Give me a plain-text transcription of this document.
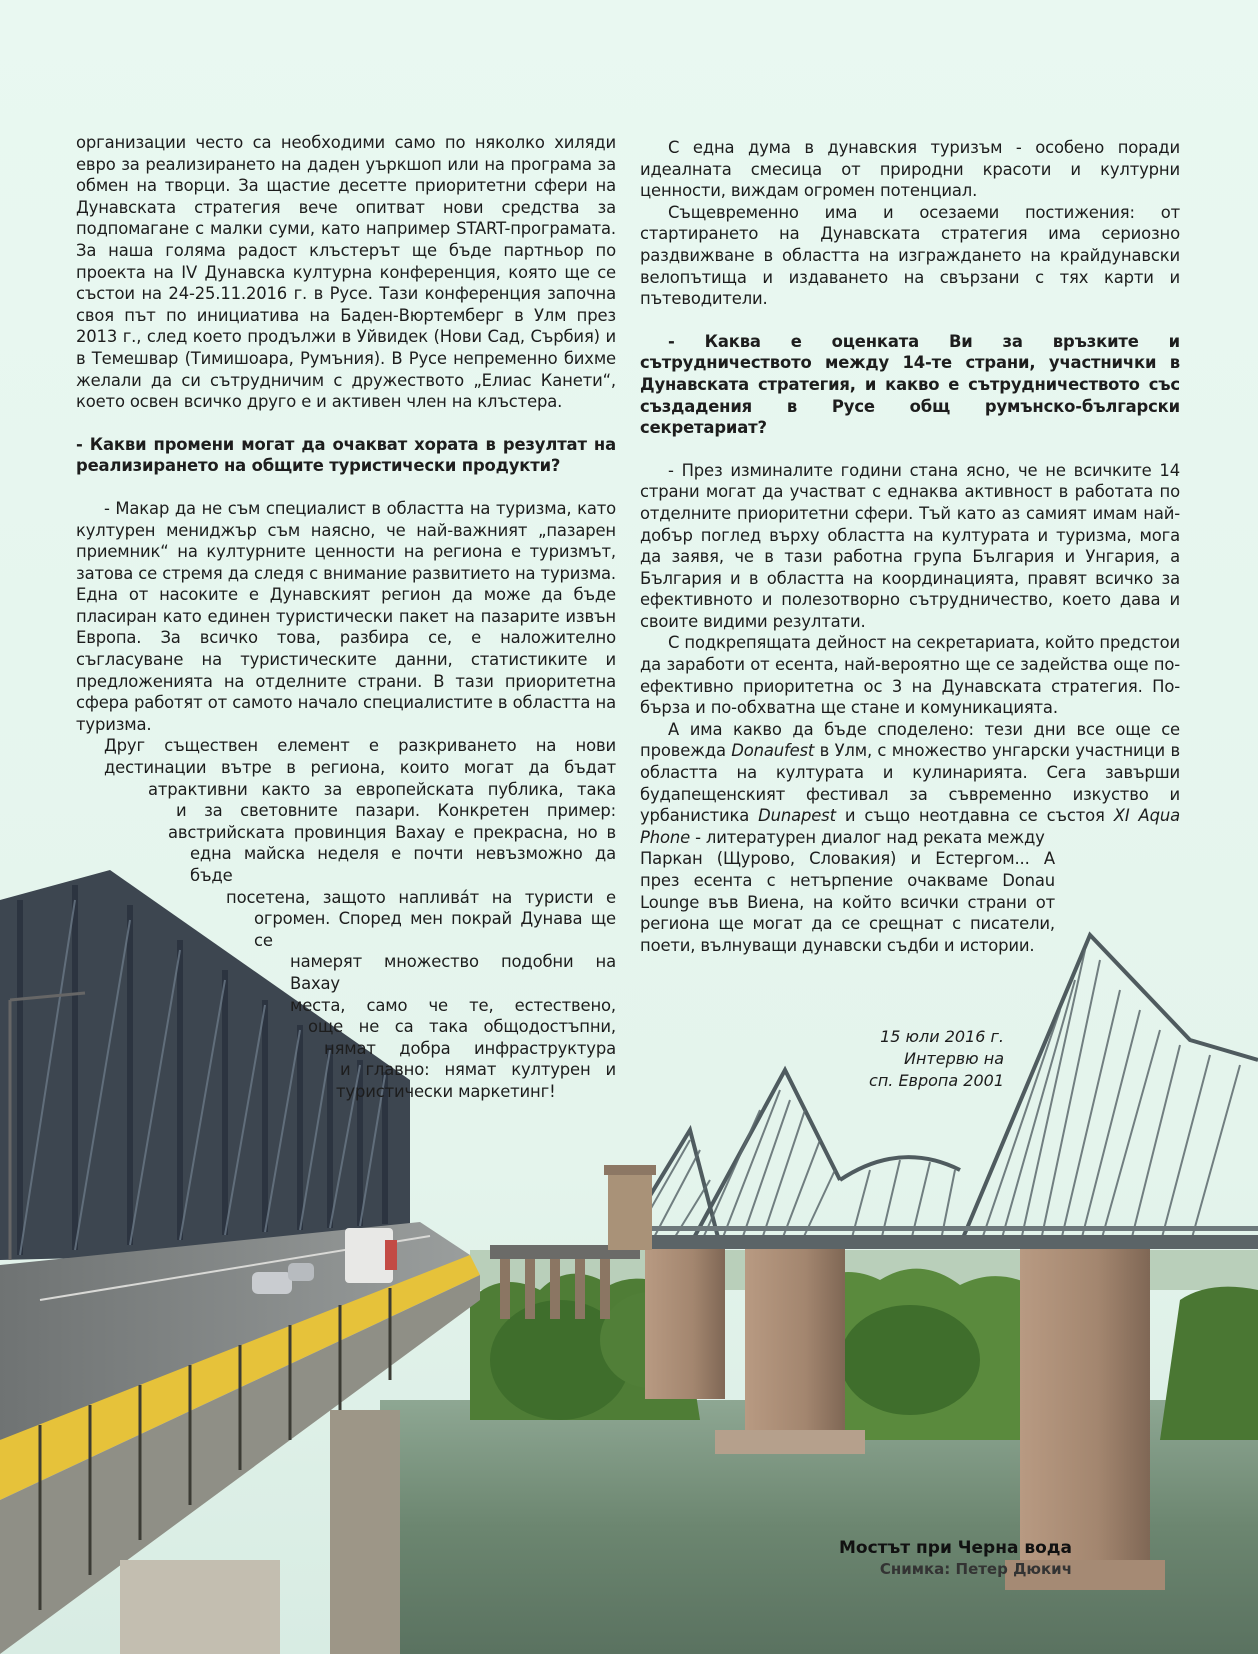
организации често са необходими само по няколко хиляди евро за реализирането на даден уъркшоп или на програма за обмен на творци. За щастие десетте приоритетни сфери на Дунавската стратегия вече опитват нови средства за подпомагане с малки суми, като например START-програмата. За наша голяма радост клъстерът ще бъде партньор по проекта на IV Дунавска културна конференция, която ще се състои на 24-25.11.2016 г. в Русе. Тази конференция започна своя път по инициатива на Баден-Вюртемберг в Улм през 2013 г., след което продължи в Уйвидек (Нови Сад, Сърбия) и в Темешвар (Тимишоара, Румъния). В Русе непременно бихме желали да си сътрудничим с дружеството „Елиас Канети“, което освен всичко друго е и активен член на клъстера.

- Какви промени могат да очакват хората в резултат на реализирането на общите туристически продукти?

- Макар да не съм специалист в областта на туризма, като културен мениджър съм наясно, че най-важният „пазарен приемник“ на културните ценности на региона е туризмът, затова се стремя да следя с внимание развитието на туризма. Една от насоките е Дунавският регион да може да бъде пласиран като единен туристически пакет на пазарите извън Европа. За всичко това, разбира се, е наложително съгласуване на туристическите данни, статистиките и предложенията на отделните страни. В тази приоритетна сфера работят от самото начало специалистите в областта на туризма.

Друг съществен елемент е разкриването на нови
дестинации вътре в региона, които могат да бъдат
атрактивни както за европейската публика, така
и за световните пазари. Конкретен пример:
австрийската провинция Вахау е прекрасна, но в
една майска неделя е почти невъзможно да бъде
посетена, защото наплива́т на туристи е
огромен. Според мен покрай Дунава ще се
намерят множество подобни на Вахау
места, само че те, естествено,
още не са така общодостъпни,
нямат добра инфраструктура
и главно: нямат културен и
туристически маркетинг!

С една дума в дунавския туризъм - особено поради идеалната смесица от природни красоти и културни ценности, виждам огромен потенциал.

Същевременно има и осезаеми постижения: от стартирането на Дунавската стратегия има сериозно раздвижване в областта на изграждането на крайдунавски велопътища и издаването на свързани с тях карти и пътеводители.

- Каква е оценката Ви за връзките и сътрудничеството между 14-те страни, участнички в Дунавската стратегия, и какво е сътрудничеството със създадения в Русе общ румънско-български секретариат?

- През изминалите години стана ясно, че не всичките 14 страни могат да участват с еднаква активност в работата по отделните приоритетни сфери. Тъй като аз самият имам най-добър поглед върху областта на културата и туризма, мога да заявя, че в тази работна група България и Унгария, а България и в областта на координацията, правят всичко за ефективното и полезотворно сътрудничество, което дава и своите видими резултати.

С подкрепящата дейност на секретариата, който предстои да заработи от есента, най-вероятно ще се задейства още по-ефективно приоритетна ос 3 на Дунавската стратегия. По-бърза и по-обхватна ще стане и комуникацията.

А има какво да бъде споделено: тези дни все още се провежда Donaufest в Улм, с множество унгарски участници в областта на културата и кулинарията. Сега завърши будапещенският фестивал за съвременно изкуство и урбанистика Dunapest и също неотдавна се състоя XI Aqua Phone - литературен диалог над реката между

Паркан (Щурово, Словакия) и Естергом... А
през есента с нетърпение очакваме Donau
Lounge във Виена, на който всички страни от
региона ще могат да се срещнат с писатели,
поети, вълнуващи дунавски съдби и истории.
15 юли 2016 г.
Интервю на
сп. Европа 2001
Мостът при Черна вода
Снимка: Петер Дюкич
